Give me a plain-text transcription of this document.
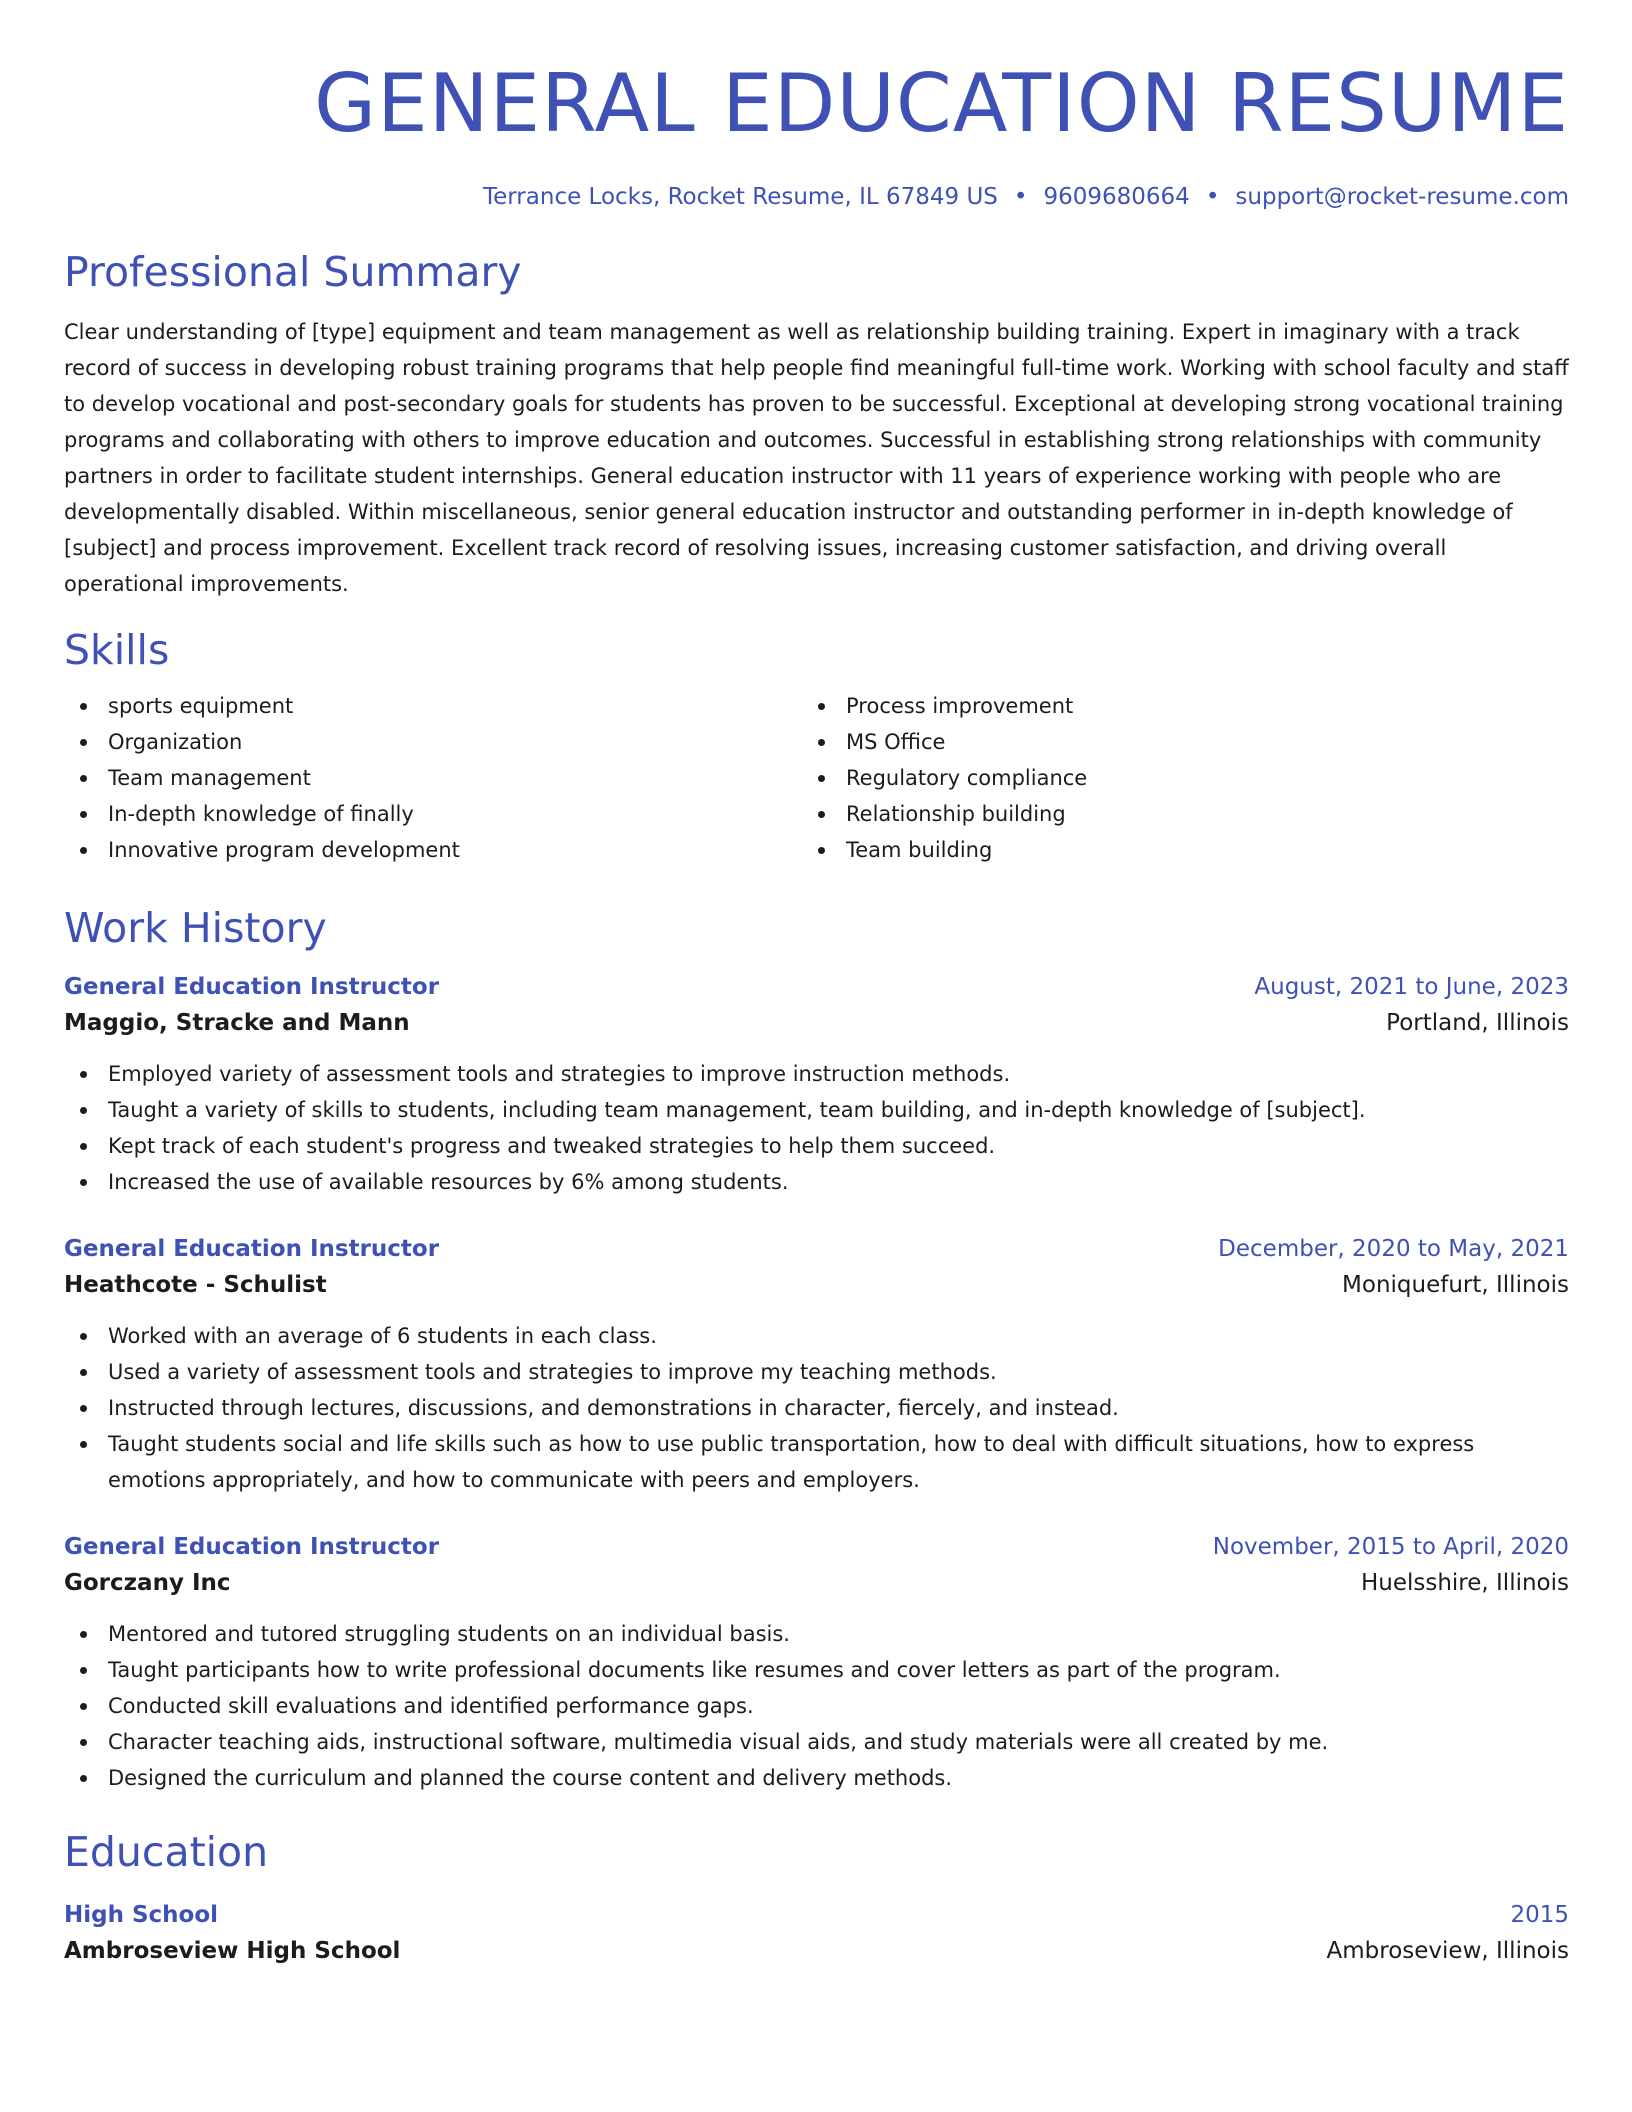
GENERAL EDUCATION RESUME
Terrance Locks, Rocket Resume, IL 67849 US • 9609680664 • support@rocket-resume.com
Professional Summary

Clear understanding of [type] equipment and team management as well as relationship building training. Expert in imaginary with a track record of success in developing robust training programs that help people find meaningful full-time work. Working with school faculty and staff to develop vocational and post-secondary goals for students has proven to be successful. Exceptional at developing strong vocational training programs and collaborating with others to improve education and outcomes. Successful in establishing strong relationships with community partners in order to facilitate student internships. General education instructor with 11 years of experience working with people who are developmentally disabled. Within miscellaneous, senior general education instructor and outstanding performer in in-depth knowledge of [subject] and process improvement. Excellent track record of resolving issues, increasing customer satisfaction, and driving overall operational improvements.

Skills
sports equipment
Organization
Team management
In-depth knowledge of finally
Innovative program development
Process improvement
MS Office
Regulatory compliance
Relationship building
Team building
Work History
General Education Instructor	August, 2021 to June, 2023
Maggio, Stracke and Mann	Portland, Illinois
Employed variety of assessment tools and strategies to improve instruction methods.
Taught a variety of skills to students, including team management, team building, and in-depth knowledge of [subject].
Kept track of each student's progress and tweaked strategies to help them succeed.
Increased the use of available resources by 6% among students.
General Education Instructor	December, 2020 to May, 2021
Heathcote - Schulist	Moniquefurt, Illinois
Worked with an average of 6 students in each class.
Used a variety of assessment tools and strategies to improve my teaching methods.
Instructed through lectures, discussions, and demonstrations in character, fiercely, and instead.
Taught students social and life skills such as how to use public transportation, how to deal with difficult situations, how to express emotions appropriately, and how to communicate with peers and employers.
General Education Instructor	November, 2015 to April, 2020
Gorczany Inc	Huelsshire, Illinois
Mentored and tutored struggling students on an individual basis.
Taught participants how to write professional documents like resumes and cover letters as part of the program.
Conducted skill evaluations and identified performance gaps.
Character teaching aids, instructional software, multimedia visual aids, and study materials were all created by me.
Designed the curriculum and planned the course content and delivery methods.
Education
High School	2015
Ambroseview High School	Ambroseview, Illinois
